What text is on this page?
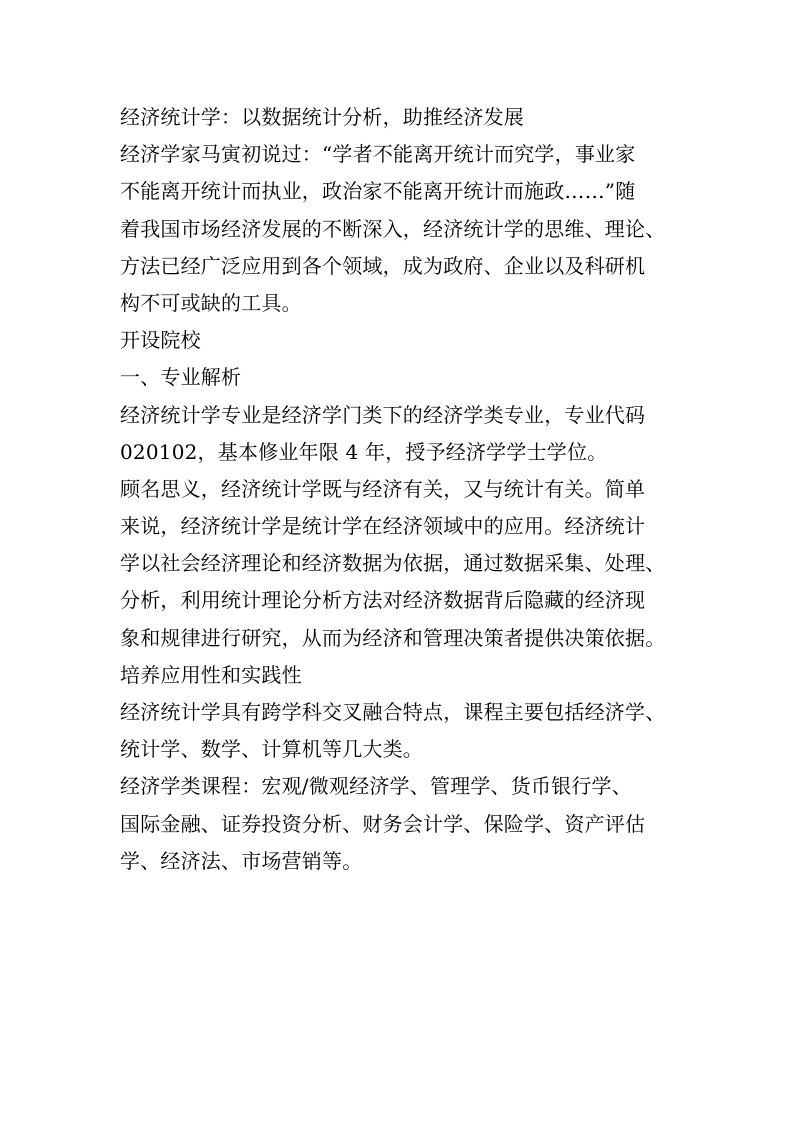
经济统计学：以数据统计分析，助推经济发展
经济学家马寅初说过：“学者不能离开统计而究学，事业家
不能离开统计而执业，政治家不能离开统计而施政……”随
着我国市场经济发展的不断深入，经济统计学的思维、理论、
方法已经广泛应用到各个领域，成为政府、企业以及科研机
构不可或缺的工具。
开设院校
一、专业解析
经济统计学专业是经济学门类下的经济学类专业，专业代码
020102，基本修业年限 4 年，授予经济学学士学位。
顾名思义，经济统计学既与经济有关，又与统计有关。简单
来说，经济统计学是统计学在经济领域中的应用。经济统计
学以社会经济理论和经济数据为依据，通过数据采集、处理、
分析，利用统计理论分析方法对经济数据背后隐藏的经济现
象和规律进行研究，从而为经济和管理决策者提供决策依据。
培养应用性和实践性
经济统计学具有跨学科交叉融合特点，课程主要包括经济学、
统计学、数学、计算机等几大类。
经济学类课程：宏观/微观经济学、管理学、货币银行学、
国际金融、证券投资分析、财务会计学、保险学、资产评估
学、经济法、市场营销等。
